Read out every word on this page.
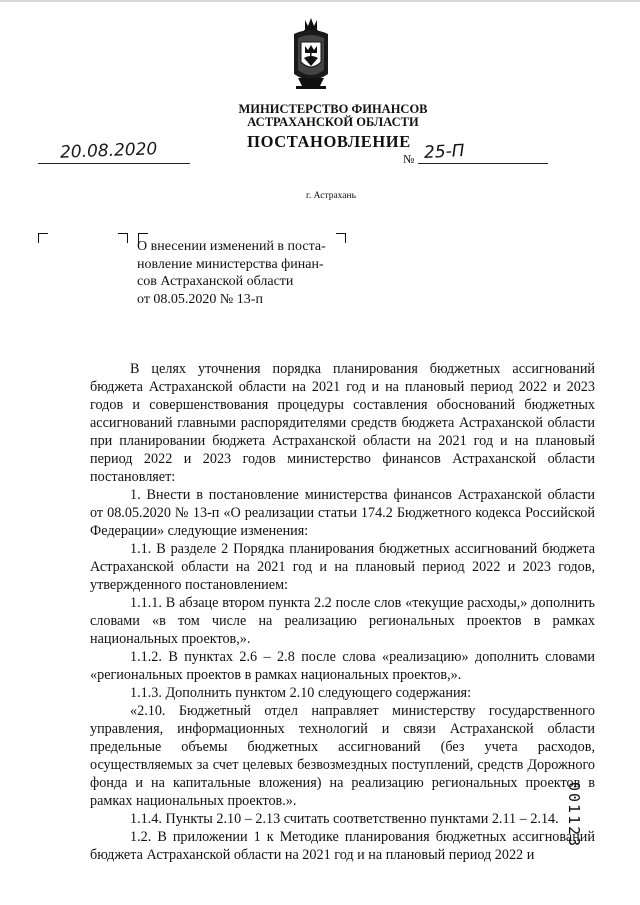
МИНИСТЕРСТВО ФИНАНСОВ
АСТРАХАНСКОЙ ОБЛАСТИ
ПОСТАНОВЛЕНИЕ
20.08.2020	№ 25-П
г. Астрахань
О внесении изменений в поста-
новление министерства финан-
сов Астраханской области
от 08.05.2020 № 13-п

В целях уточнения порядка планирования бюджетных ассигнований бюджета Астраханской области на 2021 год и на плановый период 2022 и 2023 годов и совершенствования процедуры составления обоснований бюджетных ассигнований главными распорядителями средств бюджета Астраханской области при планировании бюджета Астраханской области на 2021 год и на плановый период 2022 и 2023 годов министерство финансов Астраханской области постановляет:

1. Внести в постановление министерства финансов Астраханской области от 08.05.2020 № 13-п «О реализации статьи 174.2 Бюджетного кодекса Российской Федерации» следующие изменения:

1.1. В разделе 2 Порядка планирования бюджетных ассигнований бюджета Астраханской области на 2021 год и на плановый период 2022 и 2023 годов, утвержденного постановлением:

1.1.1. В абзаце втором пункта 2.2 после слов «текущие расходы,» дополнить словами «в том числе на реализацию региональных проектов в рамках национальных проектов,».

1.1.2. В пунктах 2.6 – 2.8 после слова «реализацию» дополнить словами «региональных проектов в рамках национальных проектов,».

1.1.3. Дополнить пунктом 2.10 следующего содержания:

«2.10. Бюджетный отдел направляет министерству государственного управления, информационных технологий и связи Астраханской области предельные объемы бюджетных ассигнований (без учета расходов, осуществляемых за счет целевых безвозмездных поступлений, средств Дорожного фонда и на капитальные вложения) на реализацию региональных проектов в рамках национальных проектов.».

1.1.4. Пункты 2.10 – 2.13 считать соответственно пунктами 2.11 – 2.14.

1.2. В приложении 1 к Методике планирования бюджетных ассигнований бюджета Астраханской области на 2021 год и на плановый период 2022 и

001123
